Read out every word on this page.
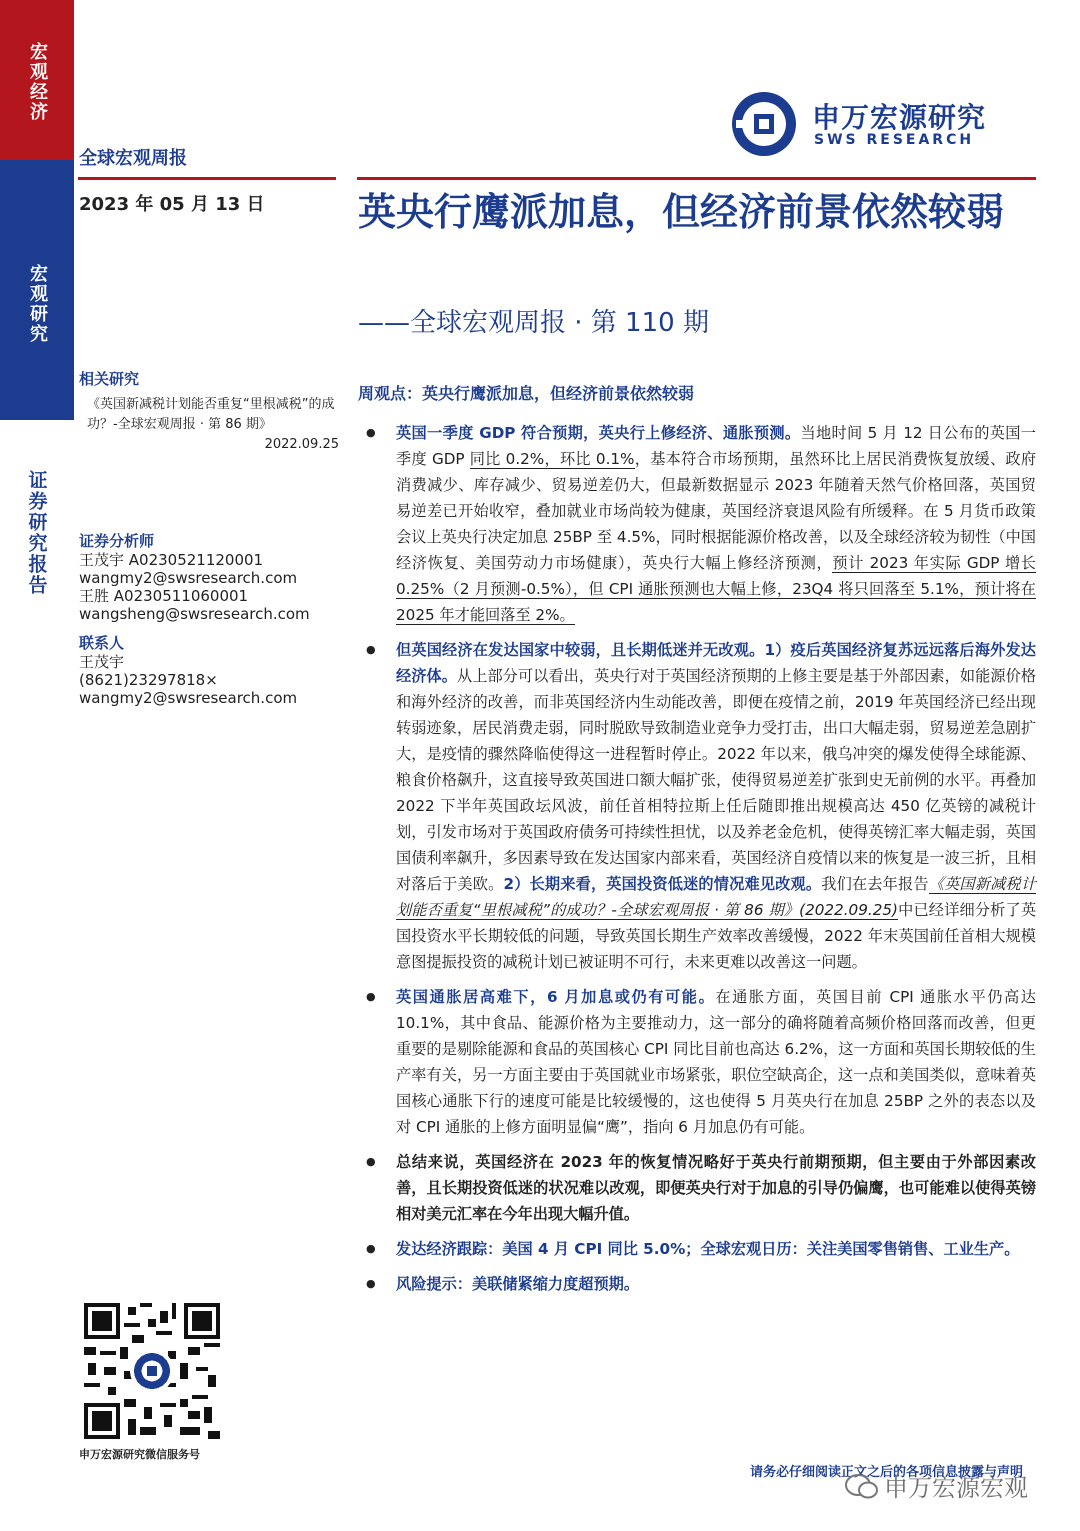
宏观经济
宏观研究
证券研究报告
全球宏观周报
2023 年 05 月 13 日
申万宏源研究
SWS RESEARCH
英央行鹰派加息，但经济前景依然较弱
——全球宏观周报 · 第 110 期
相关研究
《英国新减税计划能否重复“里根减税”的成功？-全球宏观周报 · 第 86 期》
2022.09.25
证券分析师
王茂宇 A0230521120001
wangmy2@swsresearch.com
王胜 A0230511060001
wangsheng@swsresearch.com
联系人
王茂宇
(8621)23297818×
wangmy2@swsresearch.com
申万宏源研究微信服务号
周观点：英央行鹰派加息，但经济前景依然较弱
● 英国一季度 GDP 符合预期，英央行上修经济、通胀预测。当地时间 5 月 12 日公布的英国一季度 GDP 同比 0.2%，环比 0.1%，基本符合市场预期，虽然环比上居民消费恢复放缓、政府消费减少、库存减少、贸易逆差仍大，但最新数据显示 2023 年随着天然气价格回落，英国贸易逆差已开始收窄，叠加就业市场尚较为健康，英国经济衰退风险有所缓释。在 5 月货币政策会议上英央行决定加息 25BP 至 4.5%，同时根据能源价格改善，以及全球经济较为韧性（中国经济恢复、美国劳动力市场健康），英央行大幅上修经济预测，预计 2023 年实际 GDP 增长 0.25%（2 月预测-0.5%），但 CPI 通胀预测也大幅上修，23Q4 将只回落至 5.1%，预计将在 2025 年才能回落至 2%。
● 但英国经济在发达国家中较弱，且长期低迷并无改观。1）疫后英国经济复苏远远落后海外发达经济体。从上部分可以看出，英央行对于英国经济预期的上修主要是基于外部因素，如能源价格和海外经济的改善，而非英国经济内生动能改善，即便在疫情之前，2019 年英国经济已经出现转弱迹象，居民消费走弱，同时脱欧导致制造业竞争力受打击，出口大幅走弱，贸易逆差急剧扩大，是疫情的骤然降临使得这一进程暂时停止。2022 年以来，俄乌冲突的爆发使得全球能源、粮食价格飙升，这直接导致英国进口额大幅扩张，使得贸易逆差扩张到史无前例的水平。再叠加 2022 下半年英国政坛风波，前任首相特拉斯上任后随即推出规模高达 450 亿英镑的减税计划，引发市场对于英国政府债务可持续性担忧，以及养老金危机，使得英镑汇率大幅走弱，英国国债利率飙升，多因素导致在发达国家内部来看，英国经济自疫情以来的恢复是一波三折，且相对落后于美欧。2）长期来看，英国投资低迷的情况难见改观。我们在去年报告《英国新减税计划能否重复“里根减税”的成功？-全球宏观周报 · 第 86 期》(2022.09.25)中已经详细分析了英国投资水平长期较低的问题，导致英国长期生产效率改善缓慢，2022 年末英国前任首相大规模意图提振投资的减税计划已被证明不可行，未来更难以改善这一问题。
● 英国通胀居高难下，6 月加息或仍有可能。在通胀方面，英国目前 CPI 通胀水平仍高达 10.1%，其中食品、能源价格为主要推动力，这一部分的确将随着高频价格回落而改善，但更重要的是剔除能源和食品的英国核心 CPI 同比目前也高达 6.2%，这一方面和英国长期较低的生产率有关，另一方面主要由于英国就业市场紧张，职位空缺高企，这一点和美国类似，意味着英国核心通胀下行的速度可能是比较缓慢的，这也使得 5 月英央行在加息 25BP 之外的表态以及对 CPI 通胀的上修方面明显偏“鹰”，指向 6 月加息仍有可能。
● 总结来说，英国经济在 2023 年的恢复情况略好于英央行前期预期，但主要由于外部因素改善，且长期投资低迷的状况难以改观，即便英央行对于加息的引导仍偏鹰，也可能难以使得英镑相对美元汇率在今年出现大幅升值。
● 发达经济跟踪：美国 4 月 CPI 同比 5.0%；全球宏观日历：关注美国零售销售、工业生产。
● 风险提示：美联储紧缩力度超预期。
请务必仔细阅读正文之后的各项信息披露与声明
申万宏源宏观
